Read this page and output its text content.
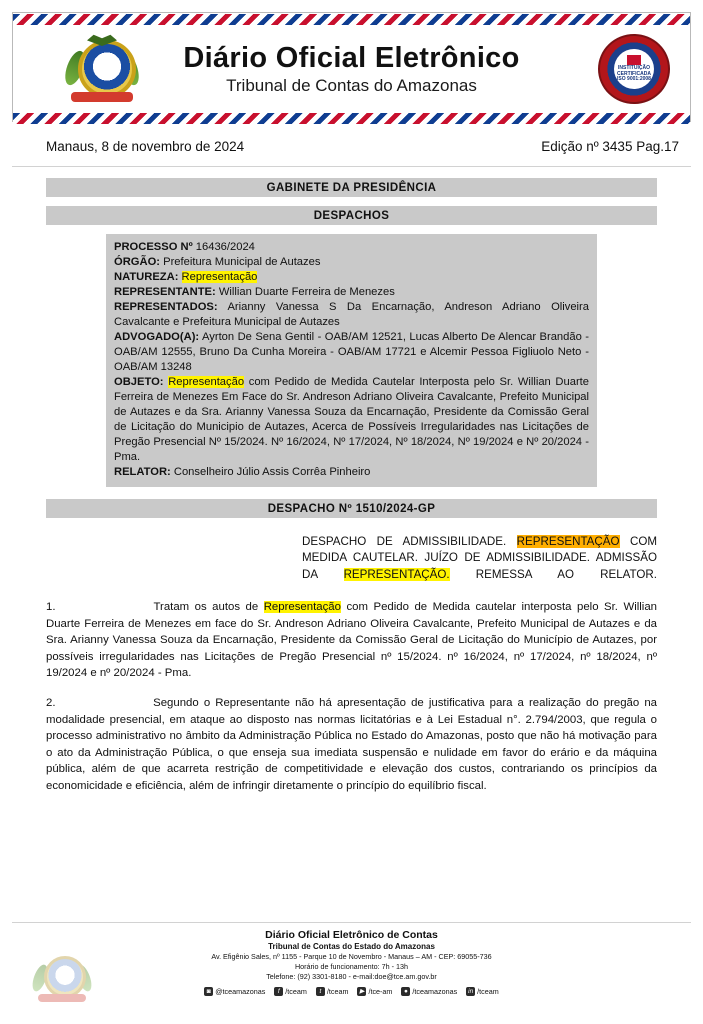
Diário Oficial Eletrônico
Tribunal de Contas do Amazonas
INSTITUIÇÃO
CERTIFICADA
ISO 9001:2008
Manaus, 8 de novembro de 2024	Edição nº 3435 Pag.17
GABINETE DA PRESIDÊNCIA
DESPACHOS
PROCESSO Nº 16436/2024
ÓRGÃO: Prefeitura Municipal de Autazes
NATUREZA: Representação
REPRESENTANTE: Willian Duarte Ferreira de Menezes
REPRESENTADOS: Arianny Vanessa S Da Encarnação, Andreson Adriano Oliveira Cavalcante e Prefeitura Municipal de Autazes
ADVOGADO(A): Ayrton De Sena Gentil - OAB/AM 12521, Lucas Alberto De Alencar Brandão - OAB/AM 12555, Bruno Da Cunha Moreira - OAB/AM 17721 e Alcemir Pessoa Figliuolo Neto - OAB/AM 13248
OBJETO: Representação com Pedido de Medida Cautelar Interposta pelo Sr. Willian Duarte Ferreira de Menezes Em Face do Sr. Andreson Adriano Oliveira Cavalcante, Prefeito Municipal de Autazes e da Sra. Arianny Vanessa Souza da Encarnação, Presidente da Comissão Geral de Licitação do Municipio de Autazes, Acerca de Possíveis Irregularidades nas Licitações de Pregão Presencial Nº 15/2024. Nº 16/2024, Nº 17/2024, Nº 18/2024, Nº 19/2024 e Nº 20/2024 - Pma.
RELATOR: Conselheiro Júlio Assis Corrêa Pinheiro
DESPACHO Nº 1510/2024-GP
DESPACHO DE ADMISSIBILIDADE. REPRESENTAÇÃO COM MEDIDA CAUTELAR. JUÍZO DE ADMISSIBILIDADE. ADMISSÃO DA REPRESENTAÇÃO. REMESSA AO RELATOR.
1.	Tratam os autos de Representação com Pedido de Medida cautelar interposta pelo Sr. Willian Duarte Ferreira de Menezes em face do Sr. Andreson Adriano Oliveira Cavalcante, Prefeito Municipal de Autazes e da Sra. Arianny Vanessa Souza da Encarnação, Presidente da Comissão Geral de Licitação do Município de Autazes, por possíveis irregularidades nas Licitações de Pregão Presencial nº 15/2024. nº 16/2024, nº 17/2024, nº 18/2024, nº 19/2024 e nº 20/2024 - Pma.
2.	Segundo o Representante não há apresentação de justificativa para a realização do pregão na modalidade presencial, em ataque ao disposto nas normas licitatórias e à Lei Estadual n°. 2.794/2003, que regula o processo administrativo no âmbito da Administração Pública no Estado do Amazonas, posto que não há motivação para o ato da Administração Pública, o que enseja sua imediata suspensão e nulidade em favor do erário e da máquina pública, além de que acarreta restrição de competitividade e elevação dos custos, contrariando os princípios da economicidade e eficiência, além de infringir diretamente o princípio do equilíbrio fiscal.
Diário Oficial Eletrônico de Contas
Tribunal de Contas do Estado do Amazonas
Av. Efigênio Sales, nº 1155 - Parque 10 de Novembro - Manaus – AM - CEP: 69055-736
Horário de funcionamento: 7h - 13h
Telefone: (92) 3301-8180 - e-mail:doe@tce.am.gov.br
◙ @tceamazonas	f /tceam	t /tceam	▶ /tce-am	● /tceamazonas	in /tceam
